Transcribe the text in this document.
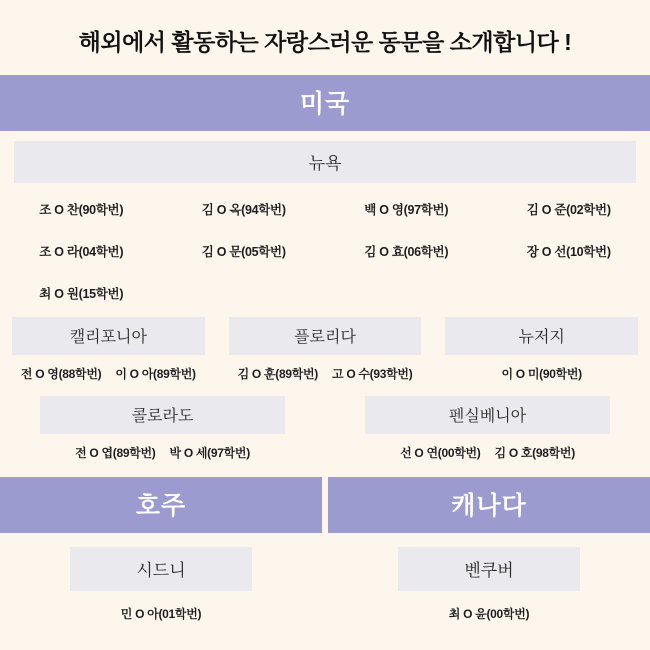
해외에서 활동하는 자랑스러운 동문을 소개합니다 !
미국
뉴욕
조 O 찬(90학번)	김 O 옥(94학번)	백 O 영(97학번)	김 O 준(02학번)
조 O 라(04학번)	김 O 문(05학번)	김 O 효(06학번)	장 O 선(10학번)
최 O 원(15학번)
캘리포니아
전 O 영(88학번) 이 O 아(89학번)
플로리다
김 O 훈(89학번) 고 O 수(93학번)
뉴저지
이 O 미(90학번)
콜로라도
전 O 엽(89학번) 박 O 세(97학번)
펜실베니아
선 O 연(00학번) 김 O 호(98학번)
호주
시드니
민 O 아(01학번)
캐나다
벤쿠버
최 O 윤(00학번)
